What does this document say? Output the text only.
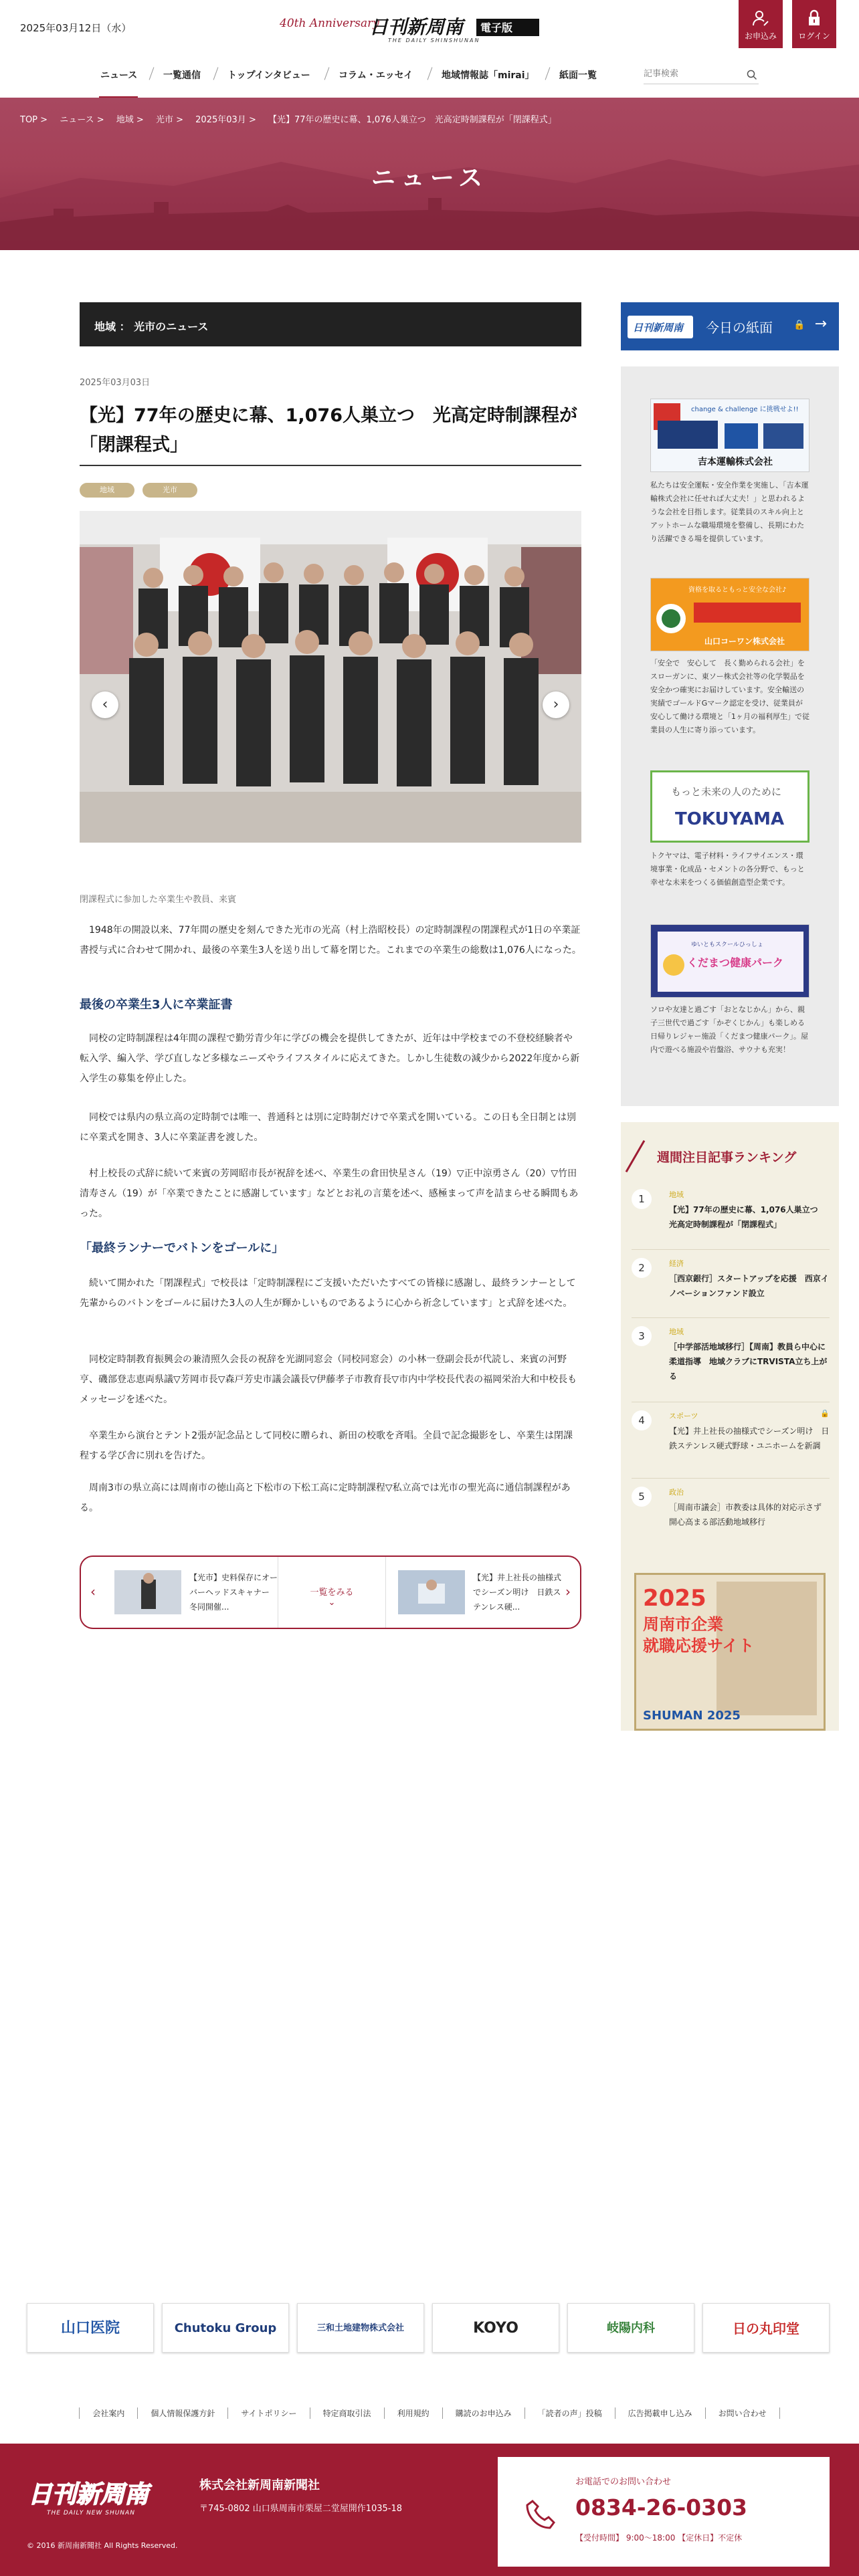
2025年03月12日（水）	40th Anniversary
日刊新周南	電子版
THE DAILY SHINSHUNAN	お申込み	ログイン
ニュース	一覧通信	トップインタビュー	コラム・エッセイ	地域情報誌「mirai」	紙面一覧
記事検索
TOP > ニュース > 地域 > 光市 > 2025年03月 > 【光】77年の歴史に幕、1,076人巣立つ　光高定時制課程が「閉課程式」
ニュース
地域 ： 光市のニュース
2025年03月03日
【光】77年の歴史に幕、1,076人巣立つ　光高定時制課程が「閉課程式」
地域	光市
‹	›
閉課程式に参加した卒業生や教員、来賓

　1948年の開設以来、77年間の歴史を刻んできた光市の光高（村上浩昭校長）の定時制課程の閉課程式が1日の卒業証書授与式に合わせて開かれ、最後の卒業生3人を送り出して幕を閉じた。これまでの卒業生の総数は1,076人になった。

最後の卒業生3人に卒業証書

　同校の定時制課程は4年間の課程で勤労青少年に学びの機会を提供してきたが、近年は中学校までの不登校経験者や転入学、編入学、学び直しなど多様なニーズやライフスタイルに応えてきた。しかし生徒数の減少から2022年度から新入学生の募集を停止した。

　同校では県内の県立高の定時制では唯一、普通科とは別に定時制だけで卒業式を開いている。この日も全日制とは別に卒業式を開き、3人に卒業証書を渡した。

　村上校長の式辞に続いて来賓の芳岡昭市長が祝辞を述べ、卒業生の倉田快星さん（19）▽正中涼勇さん（20）▽竹田清寿さん（19）が「卒業できたことに感謝しています」などとお礼の言葉を述べ、感極まって声を詰まらせる瞬間もあった。

「最終ランナーでバトンをゴールに」

　続いて開かれた「閉課程式」で校長は「定時制課程にご支援いただいたすべての皆様に感謝し、最終ランナーとして先輩からのバトンをゴールに届けた3人の人生が輝かしいものであるように心から祈念しています」と式辞を述べた。

　同校定時制教育振興会の兼清照久会長の祝辞を光湖同窓会（同校同窓会）の小林一登副会長が代読し、来賓の河野亨、磯部登志恵両県議▽芳岡市長▽森戸芳史市議会議長▽伊藤孝子市教育長▽市内中学校長代表の福岡栄治大和中校長もメッセージを述べた。

　卒業生から演台とテント2張が記念品として同校に贈られ、新田の校歌を斉唱。全員で記念撮影をし、卒業生は閉課程する学び舎に別れを告げた。

　周南3市の県立高には周南市の徳山高と下松市の下松工高に定時制課程▽私立高では光市の聖光高に通信制課程がある。

‹
【光市】史料保存にオーバーヘッドスキャナー　冬同開催...
一覧をみる
⌄
【光】井上社長の抽様式でシーズン明け　日鉄ステンレス硬...
›
日刊新周南 今日の紙面 🔒 →
change & challenge に挑戦せよ!!
吉本運輸株式会社

私たちは安全運転・安全作業を実施し、「吉本運輸株式会社に任せれば大丈夫！」と思われるような会社を目指します。従業員のスキル向上とアットホームな職場環境を整備し、長期にわたり活躍できる場を提供しています。

資格を取るともっと安全な会社♪
山口コーワン株式会社

「安全で　安心して　長く勤められる会社」をスローガンに、東ソー株式会社等の化学製品を安全かつ確実にお届けしています。安全輸送の実績でゴールドGマーク認定を受け、従業員が安心して働ける環境と「1ヶ月の福利厚生」で従業員の人生に寄り添っています。

もっと未来の人のために
TOKUYAMA

トクヤマは、電子材料・ライフサイエンス・環境事業・化成品・セメントの各分野で、もっと幸せな未来をつくる価値創造型企業です。

ゆいともスクールひっしょ
くだまつ健康パーク

ソロや友達と過ごす「おとなじかん」から、親子三世代で過ごす「かぞくじかん」も楽しめる日帰りレジャー施設「くだまつ健康パーク」。屋内で遊べる施設や岩盤浴、サウナも充実！

週間注目記事ランキング
1	地域
【光】77年の歴史に幕、1,076人巣立つ　光高定時制課程が「閉課程式」
2	経済
［西京銀行］スタートアップを応援　西京イノベーションファンド設立
3	地域
［中学部活地域移行］【周南】教員ら中心に柔道指導　地域クラブにTRVISTA立ち上がる
4	スポーツ	🔒
【光】井上社長の抽様式でシーズン明け　日鉄ステンレス硬式野球・ユニホームを新調
5	政治
［周南市議会］市教委は具体的対応示さず　開心高まる部活動地域移行
2025
周南市企業
就職応援サイト
SHUMAN 2025
山口医院	Chutoku Group	三和土地建物株式会社	KOYO	岐陽内科	日の丸印堂
会社案内	個人情報保護方針	サイトポリシー	特定商取引法	利用規約	購読のお申込み	「読者の声」投稿	広告掲載申し込み	お問い合わせ
日刊新周南
THE DAILY NEW SHUNAN
株式会社新周南新聞社
〒745-0802 山口県周南市栗屋二堂屋開作1035-18
© 2016 新周南新聞社 All Rights Reserved.
お電話でのお問い合わせ
0834-26-0303
【受付時間】 9:00～18:00 【定休日】不定休
